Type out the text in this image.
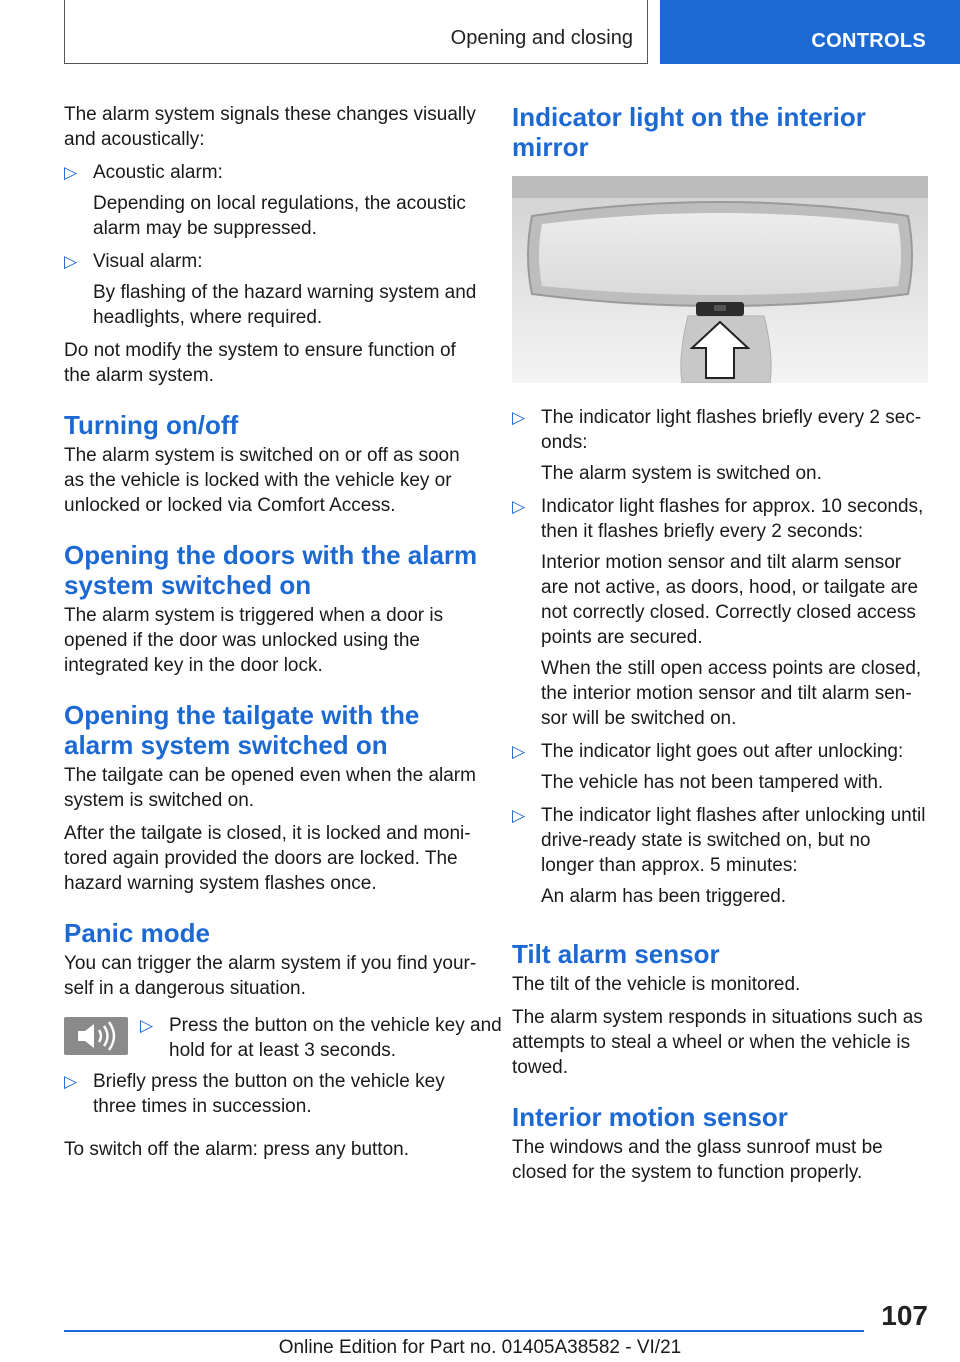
Opening and closing	CONTROLS

The alarm system signals these changes visually and acoustically:

▷ Acoustic alarm:

Depending on local regulations, the acoustic alarm may be suppressed.

▷ Visual alarm:

By flashing of the hazard warning system and headlights, where required.

Do not modify the system to ensure function of the alarm system.

Turning on/off

The alarm system is switched on or off as soon as the vehicle is locked with the vehicle key or unlocked or locked via Comfort Access.

Opening the doors with the alarm system switched on

The alarm system is triggered when a door is opened if the door was unlocked using the integrated key in the door lock.

Opening the tailgate with the alarm system switched on

The tailgate can be opened even when the alarm system is switched on.

After the tailgate is closed, it is locked and monitored again provided the doors are locked. The hazard warning system flashes once.

Panic mode

You can trigger the alarm system if you find yourself in a dangerous situation.

▷ Press the button on the vehicle key and hold for at least 3 seconds.

▷ Briefly press the button on the vehicle key three times in succession.

To switch off the alarm: press any button.

Indicator light on the interior mirror
▷ The indicator light flashes briefly every 2 seconds:

The alarm system is switched on.

▷ Indicator light flashes for approx. 10 seconds, then it flashes briefly every 2 seconds:

Interior motion sensor and tilt alarm sensor are not active, as doors, hood, or tailgate are not correctly closed. Correctly closed access points are secured.

When the still open access points are closed, the interior motion sensor and tilt alarm sensor will be switched on.

▷ The indicator light goes out after unlocking:

The vehicle has not been tampered with.

▷ The indicator light flashes after unlocking until drive-ready state is switched on, but no longer than approx. 5 minutes:

An alarm has been triggered.

Tilt alarm sensor

The tilt of the vehicle is monitored.

The alarm system responds in situations such as attempts to steal a wheel or when the vehicle is towed.

Interior motion sensor

The windows and the glass sunroof must be closed for the system to function properly.

107
Online Edition for Part no. 01405A38582 - VI/21
